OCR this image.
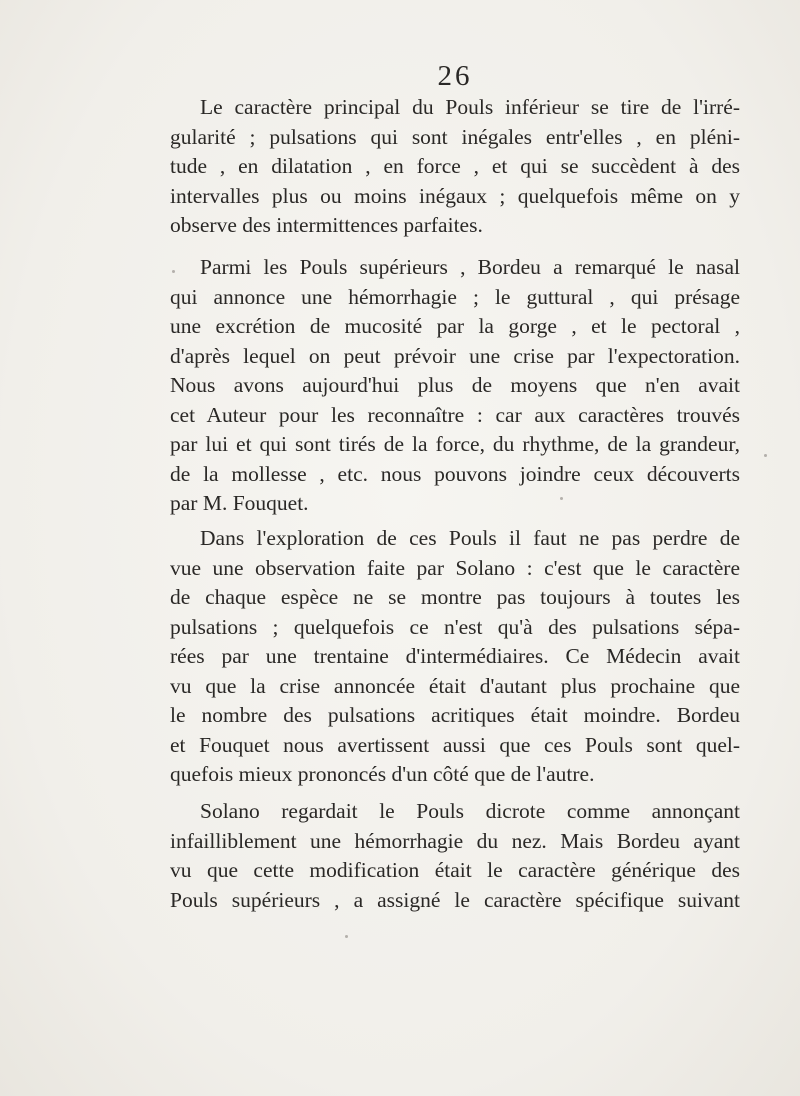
26
Le caractère principal du Pouls inférieur se tire de l'irré-
gularité ; pulsations qui sont inégales entr'elles , en pléni-
tude , en dilatation , en force , et qui se succèdent à des
intervalles plus ou moins inégaux ; quelquefois même on y
observe des intermittences parfaites.
Parmi les Pouls supérieurs , Bordeu a remarqué le nasal
qui annonce une hémorrhagie ; le guttural , qui présage
une excrétion de mucosité par la gorge , et le pectoral ,
d'après lequel on peut prévoir une crise par l'expectoration.
Nous avons aujourd'hui plus de moyens que n'en avait
cet Auteur pour les reconnaître : car aux caractères trouvés
par lui et qui sont tirés de la force, du rhythme, de la grandeur,
de la mollesse , etc. nous pouvons joindre ceux découverts
par M. Fouquet.
Dans l'exploration de ces Pouls il faut ne pas perdre de
vue une observation faite par Solano : c'est que le caractère
de chaque espèce ne se montre pas toujours à toutes les
pulsations ; quelquefois ce n'est qu'à des pulsations sépa-
rées par une trentaine d'intermédiaires. Ce Médecin avait
vu que la crise annoncée était d'autant plus prochaine que
le nombre des pulsations acritiques était moindre. Bordeu
et Fouquet nous avertissent aussi que ces Pouls sont quel-
quefois mieux prononcés d'un côté que de l'autre.
Solano regardait le Pouls dicrote comme annonçant
infailliblement une hémorrhagie du nez. Mais Bordeu ayant
vu que cette modification était le caractère générique des
Pouls supérieurs , a assigné le caractère spécifique suivant
